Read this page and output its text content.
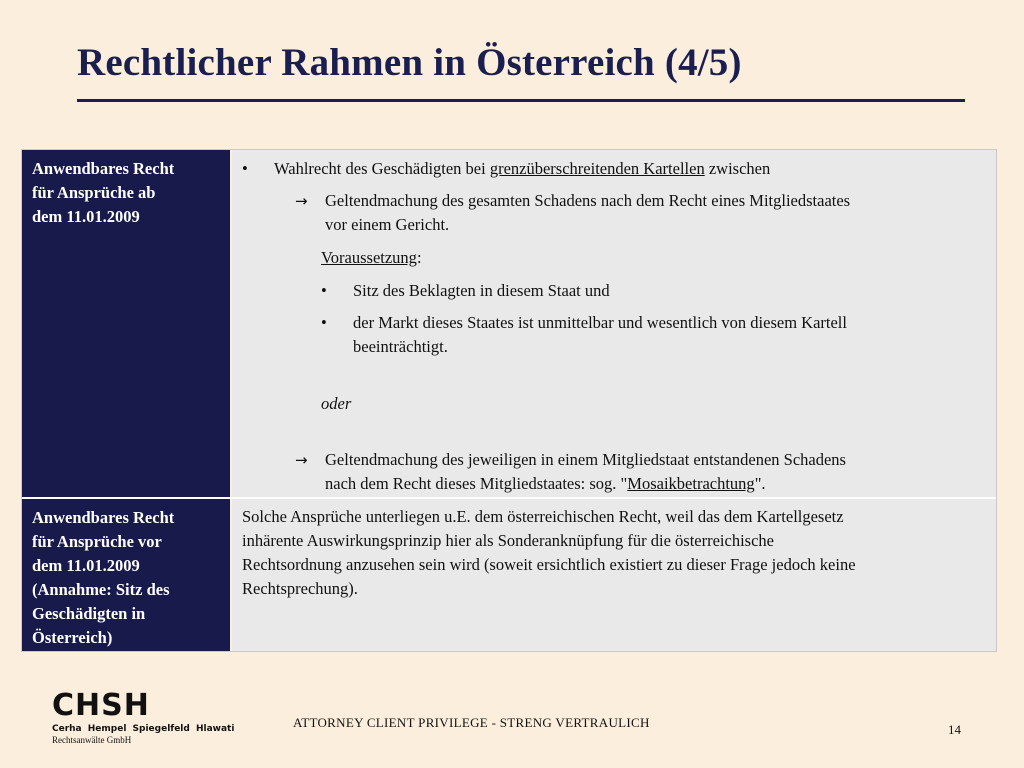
Rechtlicher Rahmen in Österreich (4/5)
Anwendbares Recht
für Ansprüche ab
dem 11.01.2009
• Wahlrecht des Geschädigten bei grenzüberschreitenden Kartellen zwischen
→ Geltendmachung des gesamten Schadens nach dem Recht eines Mitgliedstaates
vor einem Gericht.
Voraussetzung:
• Sitz des Beklagten in diesem Staat und
• der Markt dieses Staates ist unmittelbar und wesentlich von diesem Kartell
beeinträchtigt.
oder
→ Geltendmachung des jeweiligen in einem Mitgliedstaat entstandenen Schadens
nach dem Recht dieses Mitgliedstaates: sog. "Mosaikbetrachtung".
Anwendbares Recht
für Ansprüche vor
dem 11.01.2009
(Annahme: Sitz des
Geschädigten in
Österreich)
Solche Ansprüche unterliegen u.E. dem österreichischen Recht, weil das dem Kartellgesetz
inhärente Auswirkungsprinzip hier als Sonderanknüpfung für die österreichische
Rechtsordnung anzusehen sein wird (soweit ersichtlich existiert zu dieser Frage jedoch keine
Rechtsprechung).
CHSH
Cerha Hempel Spiegelfeld Hlawati
Rechtsanwälte GmbH
ATTORNEY CLIENT PRIVILEGE - STRENG VERTRAULICH	14
